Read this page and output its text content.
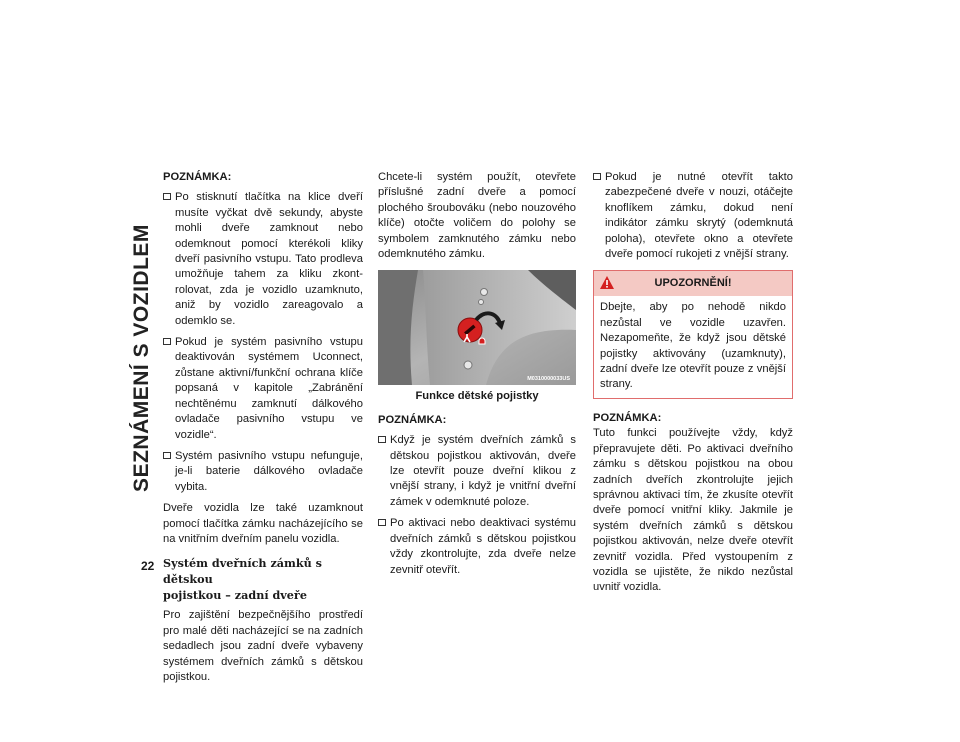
SEZNÁMENÍ S VOZIDLEM
22
POZNÁMKA:
Po stisknutí tlačítka na klice dveří musíte vyčkat dvě sekundy, abyste mohli dveře zamknout nebo odemknout pomocí kterékoli kliky dveří pasivního vstupu. Tato prodleva umožňuje tahem za kliku zkontrolovat, zda je vozidlo uzamknuto, aniž by vozidlo zareagovalo a odemklo se.
Pokud je systém pasivního vstupu deaktivován systémem Uconnect, zůstane aktivní/funkční ochrana klíče popsaná v kapitole „Zabránění nechtěnému zamknutí dálkového ovladače pasivního vstupu ve vozidle“.
Systém pasivního vstupu nefunguje, je-li baterie dálkového ovladače vybita.

Dveře vozidla lze také uzamknout pomocí tlačítka zámku nacházejícího se na vnitřním dveřním panelu vozidla.

Systém dveřních zámků s dětskou
pojistkou – zadní dveře

Pro zajištění bezpečnějšího prostředí pro malé děti nacházející se na zadních sedadlech jsou zadní dveře vybaveny systémem dveřních zámků s dětskou pojistkou.

Chcete-li systém použít, otevřete příslušné zadní dveře a pomocí plochého šroubováku (nebo nouzového klíče) otočte voličem do polohy se symbolem zamknutého zámku nebo odemknutého zámku.

M0310000033US
Funkce dětské pojistky
POZNÁMKA:
Když je systém dveřních zámků s dětskou pojistkou aktivován, dveře lze otevřít pouze dveřní klikou z vnější strany, i když je vnitřní dveřní zámek v odemknuté poloze.
Po aktivaci nebo deaktivaci systému dveřních zámků s dětskou pojistkou vždy zkontrolujte, zda dveře nelze zevnitř otevřít.
Pokud je nutné otevřít takto zabezpečené dveře v nouzi, otáčejte knoflíkem zámku, dokud není indikátor zámku skrytý (odemknutá poloha), otevřete okno a otevřete dveře pomocí rukojeti z vnější strany.
UPOZORNĚNÍ!
Dbejte, aby po nehodě nikdo nezůstal ve vozidle uzavřen. Nezapomeňte, že když jsou dětské pojistky aktivovány (uzamknuty), zadní dveře lze otevřít pouze z vnější strany.
POZNÁMKA:

Tuto funkci používejte vždy, když přepravujete děti. Po aktivaci dveřního zámku s dětskou pojistkou na obou zadních dveřích zkontrolujte jejich správnou aktivaci tím, že zkusíte otevřít dveře pomocí vnitřní kliky. Jakmile je systém dveřních zámků s dětskou pojistkou aktivován, nelze dveře otevřít zevnitř vozidla. Před vystoupením z vozidla se ujistěte, že nikdo nezůstal uvnitř vozidla.
